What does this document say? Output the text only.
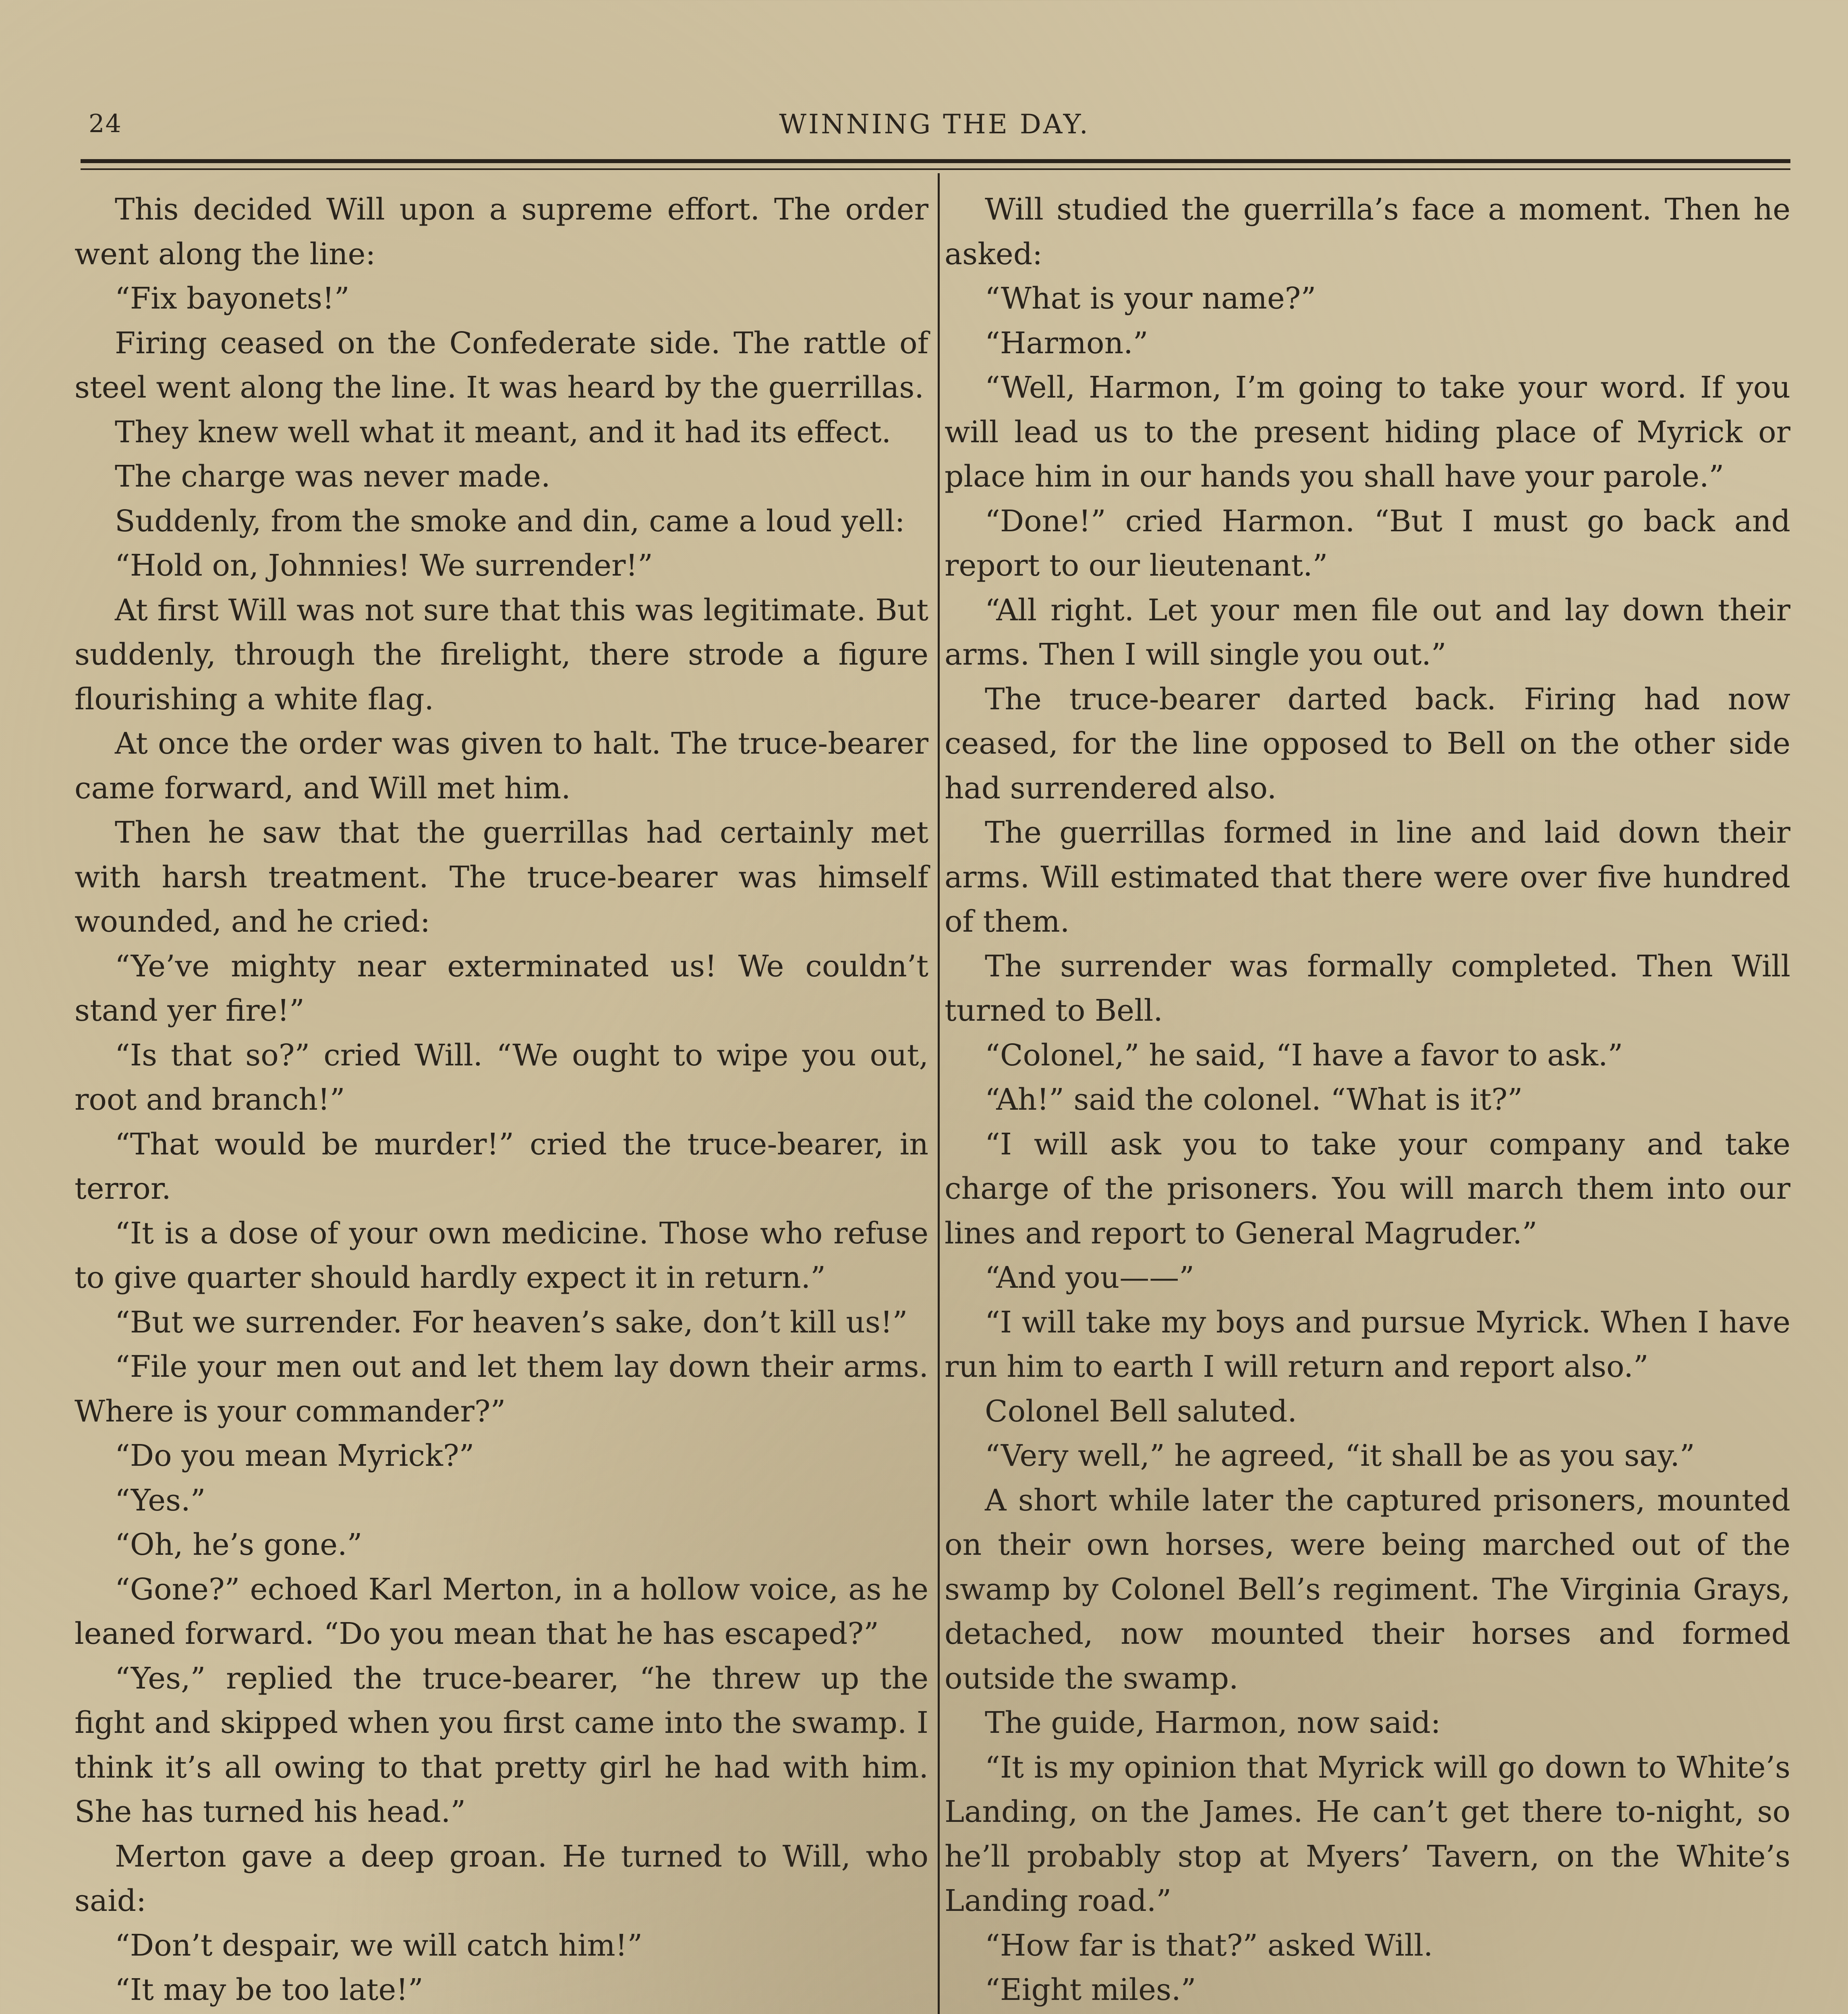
24	WINNING THE DAY.

This decided Will upon a supreme effort. The order went along the line:

“Fix bayonets!”

Firing ceased on the Confederate side. The rattle of steel went along the line. It was heard by the guerrillas.

They knew well what it meant, and it had its effect.

The charge was never made.

Suddenly, from the smoke and din, came a loud yell:

“Hold on, Johnnies! We surrender!”

At first Will was not sure that this was legitimate. But suddenly, through the firelight, there strode a figure flourishing a white flag.

At once the order was given to halt. The truce-bearer came forward, and Will met him.

Then he saw that the guerrillas had certainly met with harsh treatment. The truce-bearer was himself wounded, and he cried:

“Ye’ve mighty near exterminated us! We couldn’t stand yer fire!”

“Is that so?” cried Will. “We ought to wipe you out, root and branch!”

“That would be murder!” cried the truce-bearer, in terror.

“It is a dose of your own medicine. Those who refuse to give quarter should hardly expect it in return.”

“But we surrender. For heaven’s sake, don’t kill us!”

“File your men out and let them lay down their arms. Where is your commander?”

“Do you mean Myrick?”

“Yes.”

“Oh, he’s gone.”

“Gone?” echoed Karl Merton, in a hollow voice, as he leaned forward. “Do you mean that he has escaped?”

“Yes,” replied the truce-bearer, “he threw up the fight and skipped when you first came into the swamp. I think it’s all owing to that pretty girl he had with him. She has turned his head.”

Merton gave a deep groan. He turned to Will, who said:

“Don’t despair, we will catch him!”

“It may be too late!”

Will studied the guerrilla’s face a moment. Then he asked:

“What is your name?”

“Harmon.”

“Well, Harmon, I’m going to take your word. If you will lead us to the present hiding place of Myrick or place him in our hands you shall have your parole.”

“Done!” cried Harmon. “But I must go back and report to our lieutenant.”

“All right. Let your men file out and lay down their arms. Then I will single you out.”

The truce-bearer darted back. Firing had now ceased, for the line opposed to Bell on the other side had surrendered also.

The guerrillas formed in line and laid down their arms. Will estimated that there were over five hundred of them.

The surrender was formally completed. Then Will turned to Bell.

“Colonel,” he said, “I have a favor to ask.”

“Ah!” said the colonel. “What is it?”

“I will ask you to take your company and take charge of the prisoners. You will march them into our lines and report to General Magruder.”

“And you——”

“I will take my boys and pursue Myrick. When I have run him to earth I will return and report also.”

Colonel Bell saluted.

“Very well,” he agreed, “it shall be as you say.”

A short while later the captured prisoners, mounted on their own horses, were being marched out of the swamp by Colonel Bell’s regiment. The Virginia Grays, detached, now mounted their horses and formed outside the swamp.

The guide, Harmon, now said:

“It is my opinion that Myrick will go down to White’s Landing, on the James. He can’t get there to-night, so he’ll probably stop at Myers’ Tavern, on the White’s Landing road.”

“How far is that?” asked Will.

“Eight miles.”
